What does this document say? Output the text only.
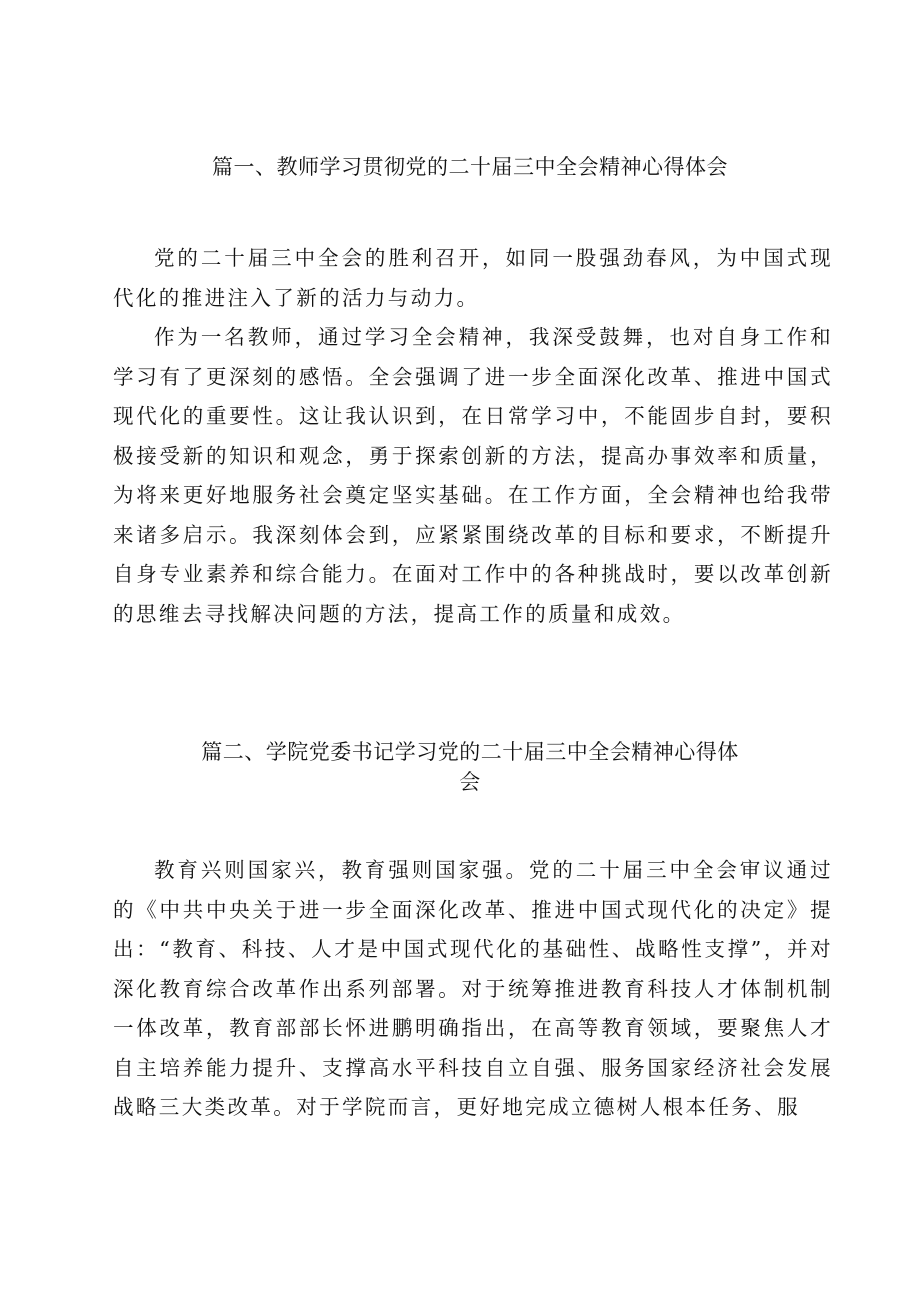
篇一、教师学习贯彻党的二十届三中全会精神心得体会

党的二十届三中全会的胜利召开，如同一股强劲春风，为中国式现代化的推进注入了新的活力与动力。

作为一名教师，通过学习全会精神，我深受鼓舞，也对自身工作和学习有了更深刻的感悟。全会强调了进一步全面深化改革、推进中国式现代化的重要性。这让我认识到，在日常学习中，不能固步自封，要积极接受新的知识和观念，勇于探索创新的方法，提高办事效率和质量，为将来更好地服务社会奠定坚实基础。在工作方面，全会精神也给我带来诸多启示。我深刻体会到，应紧紧围绕改革的目标和要求，不断提升自身专业素养和综合能力。在面对工作中的各种挑战时，要以改革创新的思维去寻找解决问题的方法，提高工作的质量和成效。

篇二、学院党委书记学习党的二十届三中全会精神心得体
会

教育兴则国家兴，教育强则国家强。党的二十届三中全会审议通过的《中共中央关于进一步全面深化改革、推进中国式现代化的决定》提出：“教育、科技、人才是中国式现代化的基础性、战略性支撑”，并对深化教育综合改革作出系列部署。对于统筹推进教育科技人才体制机制一体改革，教育部部长怀进鹏明确指出，在高等教育领域，要聚焦人才自主培养能力提升、支撑高水平科技自立自强、服务国家经济社会发展战略三大类改革。对于学院而言，更好地完成立德树人根本任务、服
